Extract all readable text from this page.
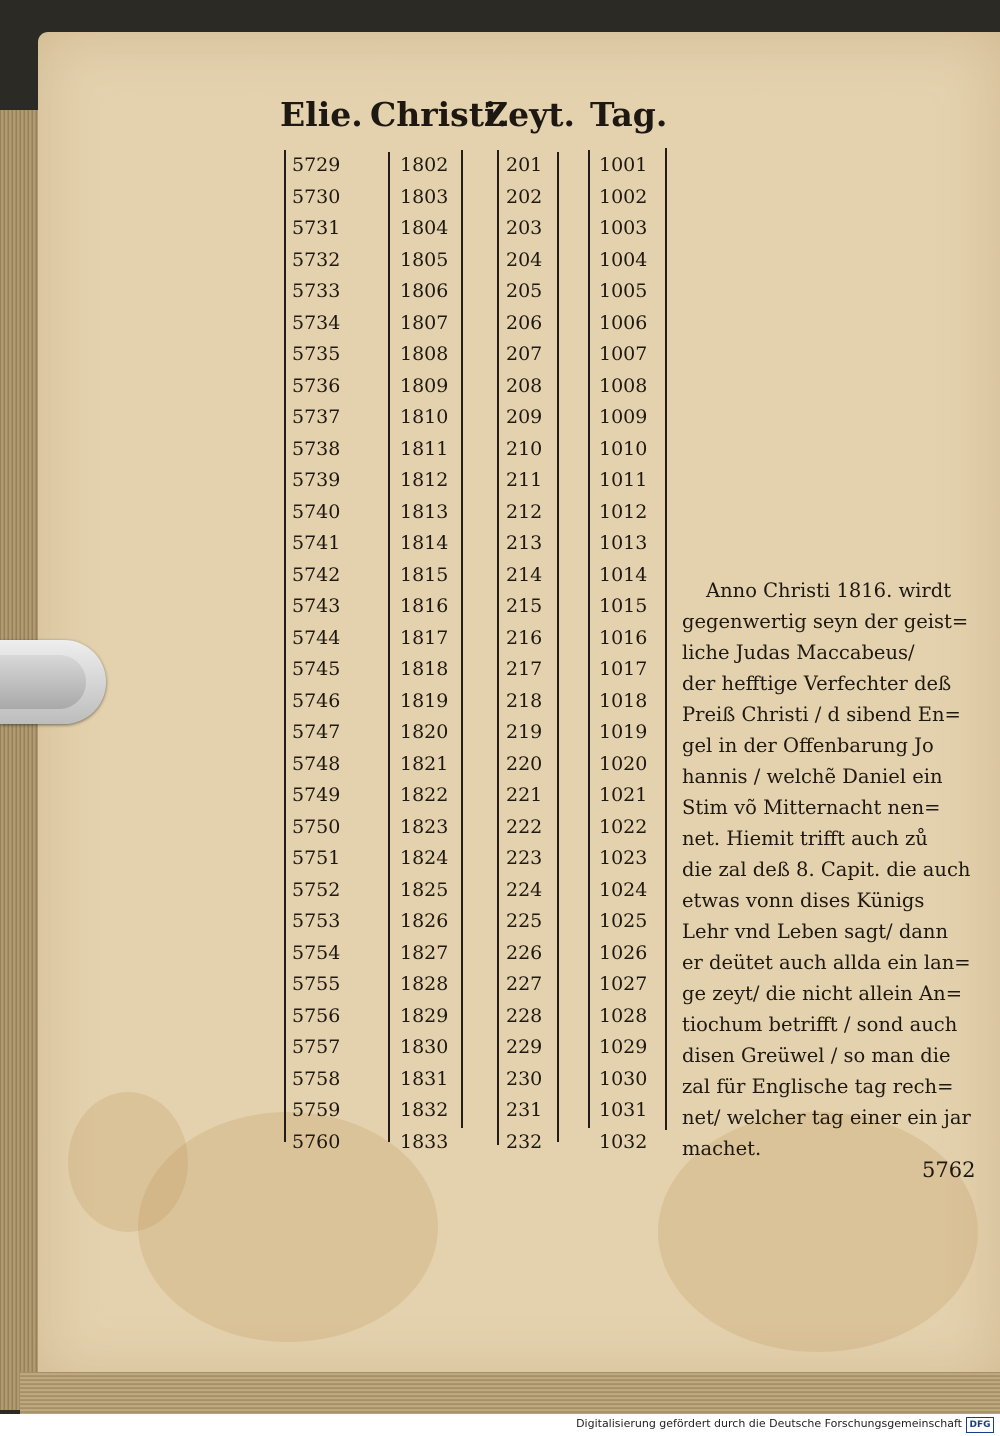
Elie. Christi.
Zeyt. Tag.
5729
5730
5731
5732
5733
5734
5735
5736
5737
5738
5739
5740
5741
5742
5743
5744
5745
5746
5747
5748
5749
5750
5751
5752
5753
5754
5755
5756
5757
5758
5759
5760
1802
1803
1804
1805
1806
1807
1808
1809
1810
1811
1812
1813
1814
1815
1816
1817
1818
1819
1820
1821
1822
1823
1824
1825
1826
1827
1828
1829
1830
1831
1832
1833
201
202
203
204
205
206
207
208
209
210
211
212
213
214
215
216
217
218
219
220
221
222
223
224
225
226
227
228
229
230
231
232
1001
1002
1003
1004
1005
1006
1007
1008
1009
1010
1011
1012
1013
1014
1015
1016
1017
1018
1019
1020
1021
1022
1023
1024
1025
1026
1027
1028
1029
1030
1031
1032
Anno Christi 1816. wirdt
gegenwertig seyn der geist=
liche Judas Maccabeus/
der hefftige Verfechter deß
Preiß Christi / d sibend En=
gel in der Offenbarung Jo
hannis / welchẽ Daniel ein
Stim võ Mitternacht nen=
net. Hiemit trifft auch zů
die zal deß 8. Capit. die auch
etwas vonn dises Künigs
Lehr vnd Leben sagt/ dann
er deütet auch allda ein lan=
ge zeyt/ die nicht allein An=
tiochum betrifft / sond auch
disen Greüwel / so man die
zal für Englische tag rech=
net/ welcher tag einer ein jar
machet.
5762
Digitalisierung gefördert durch die Deutsche Forschungsgemeinschaft DFG
